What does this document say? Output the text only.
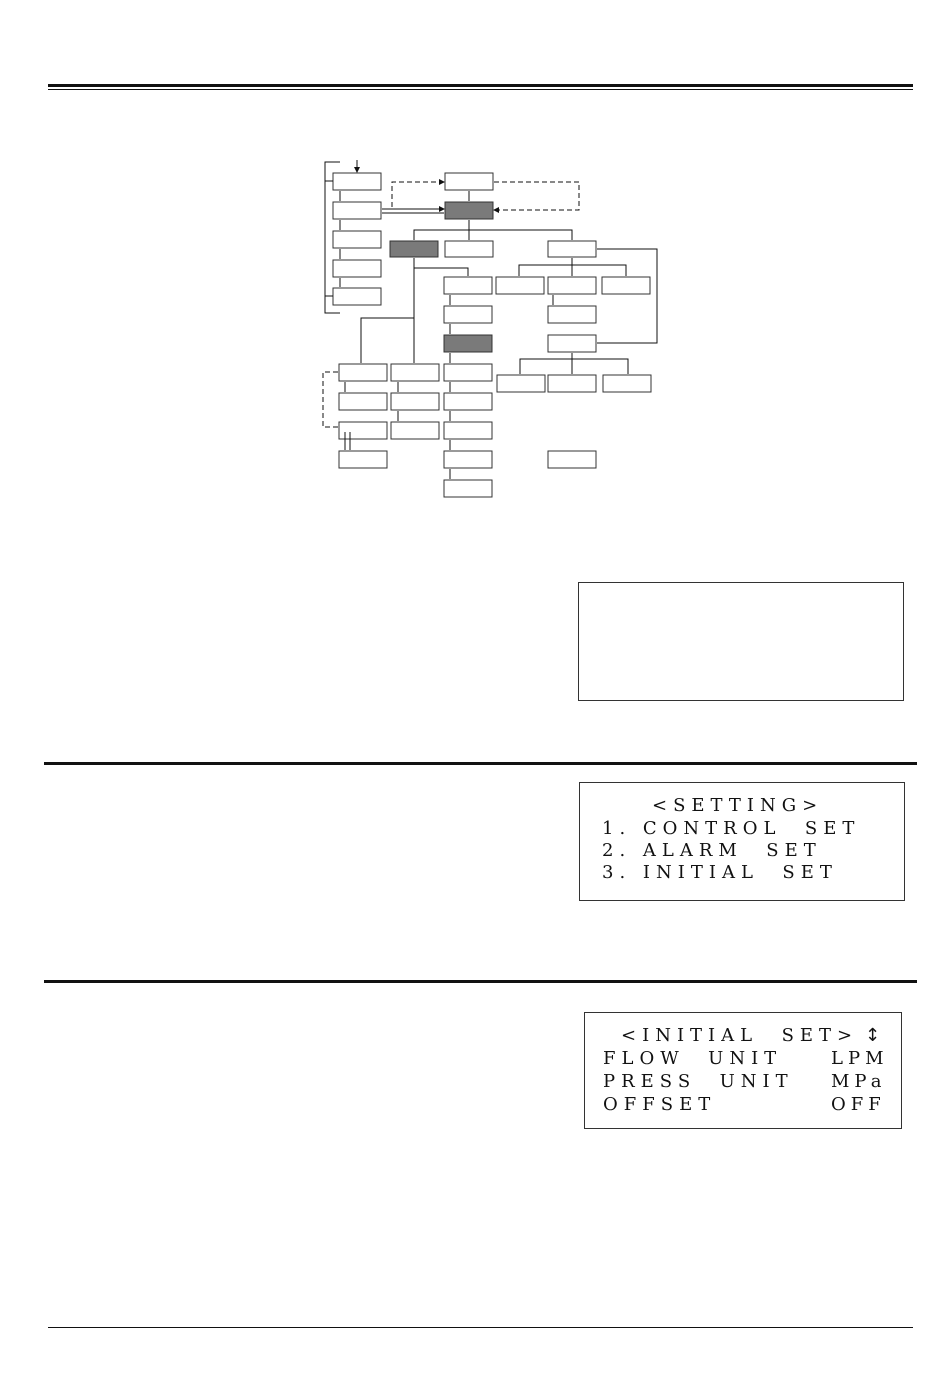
<SETTING>
1. CONTROL  SET
2. ALARM  SET
3. INITIAL  SET
<INITIAL  SET> ↕
FLOW  UNIT	LPM
PRESS  UNIT MPa
OFFSET	OFF
